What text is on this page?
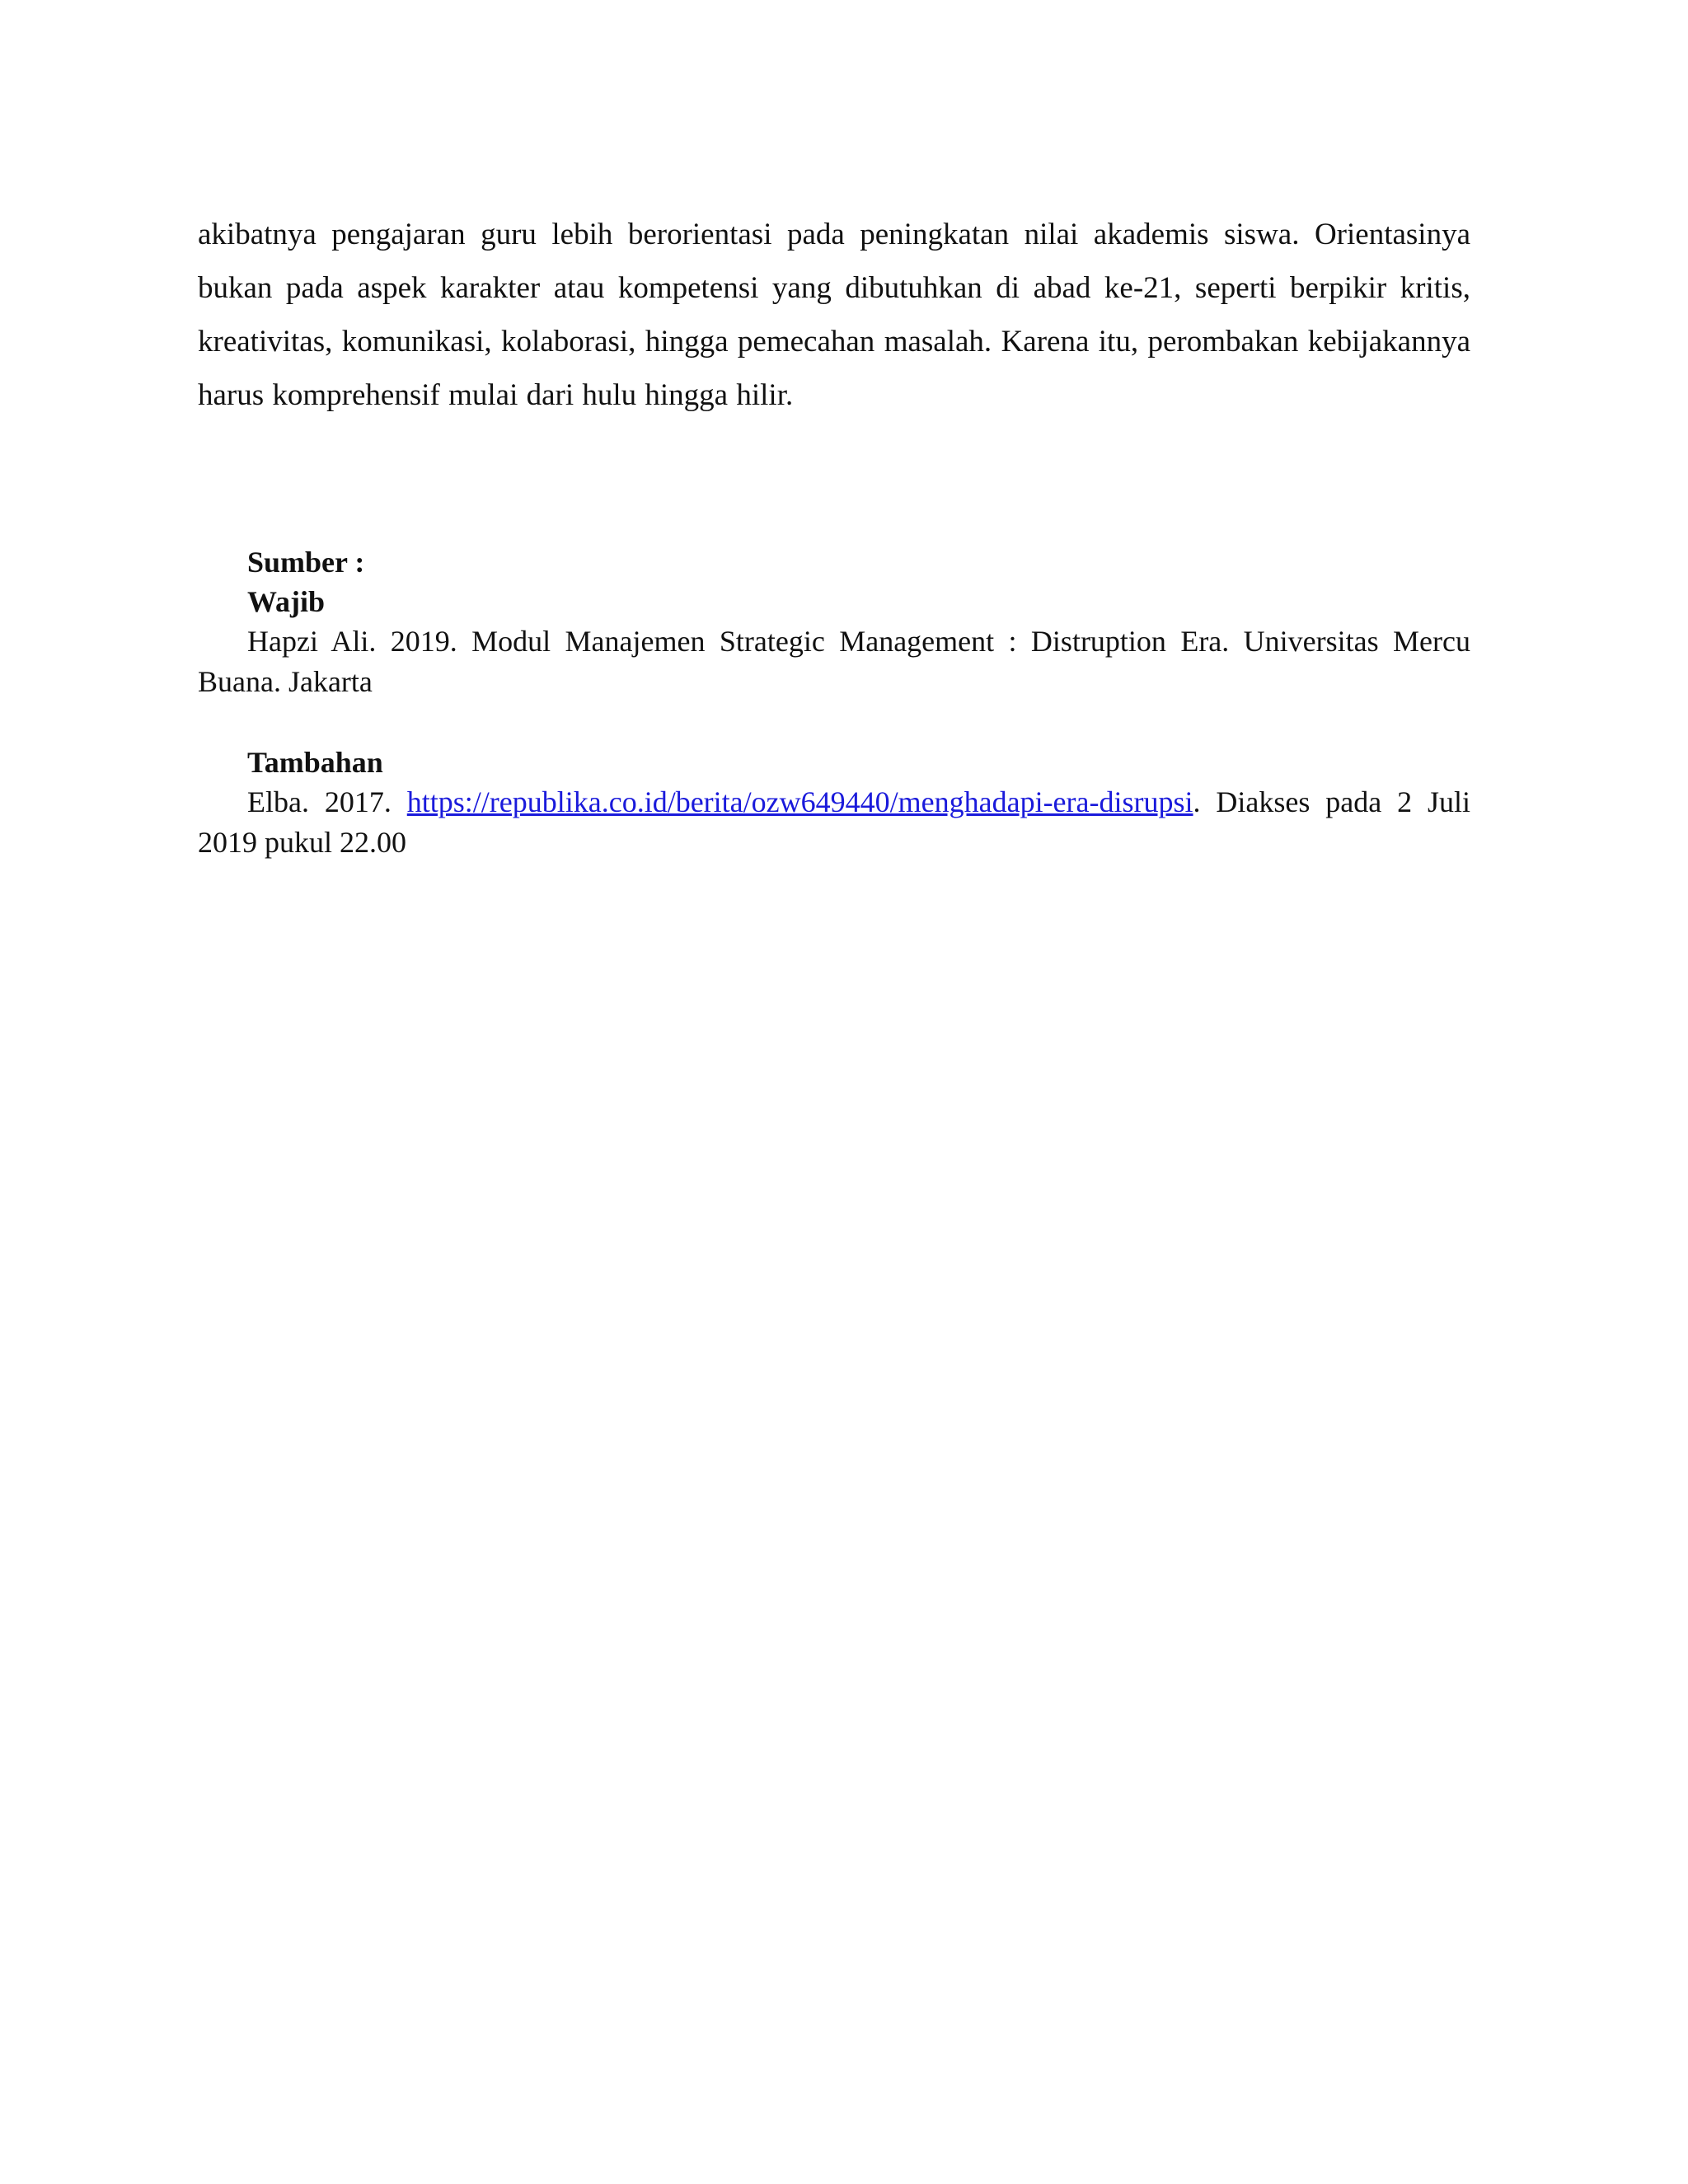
akibatnya pengajaran guru lebih berorientasi pada peningkatan nilai akademis siswa. Orientasinya bukan pada aspek karakter atau kompetensi yang dibutuhkan di abad ke-21, seperti berpikir kritis, kreativitas, komunikasi, kolaborasi, hingga pemecahan masalah. Karena itu, perombakan kebijakannya harus komprehensif mulai dari hulu hingga hilir.

Sumber :

Wajib

Hapzi Ali. 2019. Modul Manajemen Strategic Management : Distruption Era. Universitas Mercu Buana. Jakarta

Tambahan

Elba. 2017. https://republika.co.id/berita/ozw649440/menghadapi-era-disrupsi. Diakses pada 2 Juli 2019 pukul 22.00
